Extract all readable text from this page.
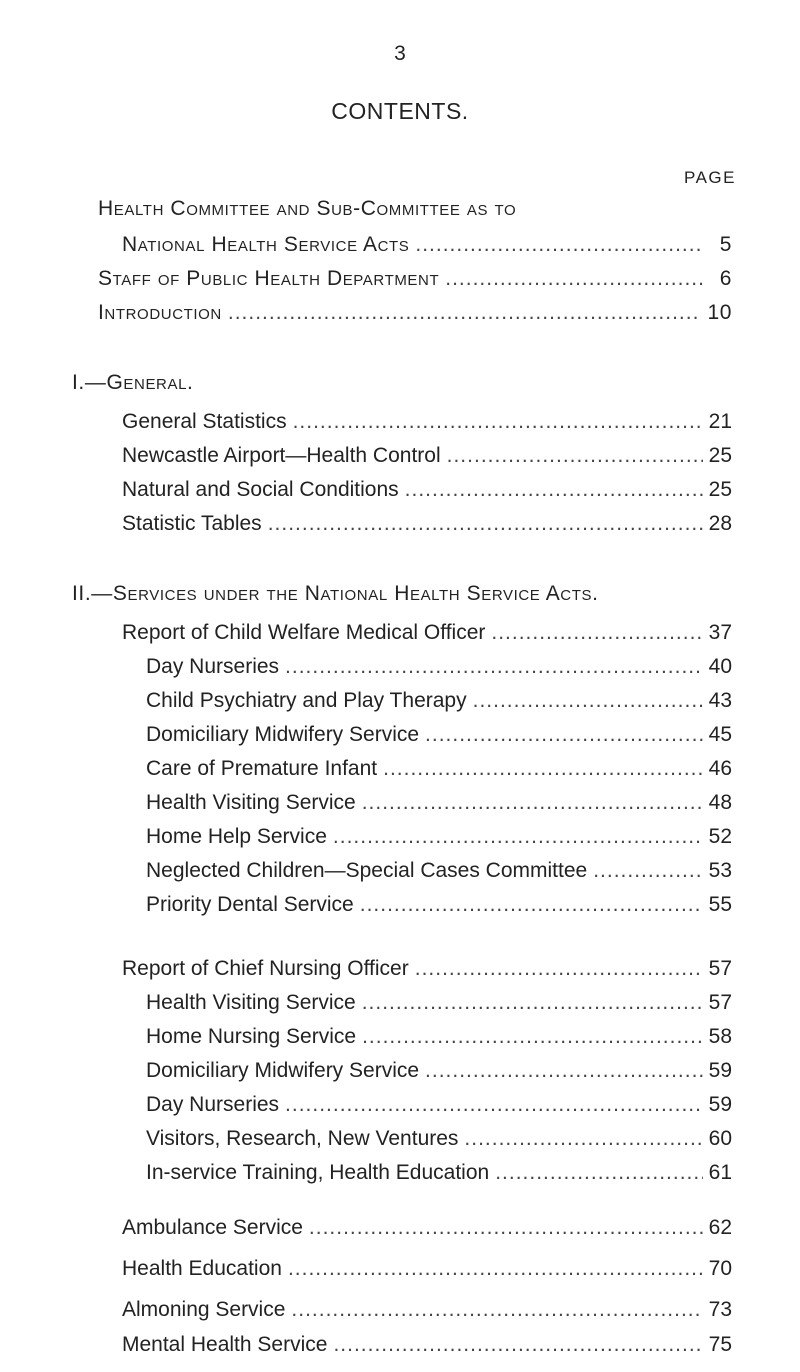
3
CONTENTS.
PAGE
Health Committee and Sub-Committee as to
National Health Service Acts .....	5
Staff of Public Health Department .....	6
Introduction .....	10
I.—General.
General Statistics .....	21
Newcastle Airport—Health Control .....	25
Natural and Social Conditions .....	25
Statistic Tables .....	28
II.—Services under the National Health Service Acts.
Report of Child Welfare Medical Officer .....	37
Day Nurseries .....	40
Child Psychiatry and Play Therapy .....	43
Domiciliary Midwifery Service .....	45
Care of Premature Infant .....	46
Health Visiting Service .....	48
Home Help Service .....	52
Neglected Children—Special Cases Committee .....	53
Priority Dental Service .....	55
Report of Chief Nursing Officer .....	57
Health Visiting Service .....	57
Home Nursing Service .....	58
Domiciliary Midwifery Service .....	59
Day Nurseries .....	59
Visitors, Research, New Ventures .....	60
In-service Training, Health Education .....	61
Ambulance Service .....	62
Health Education .....	70
Almoning Service .....	73
Mental Health Service .....	75
